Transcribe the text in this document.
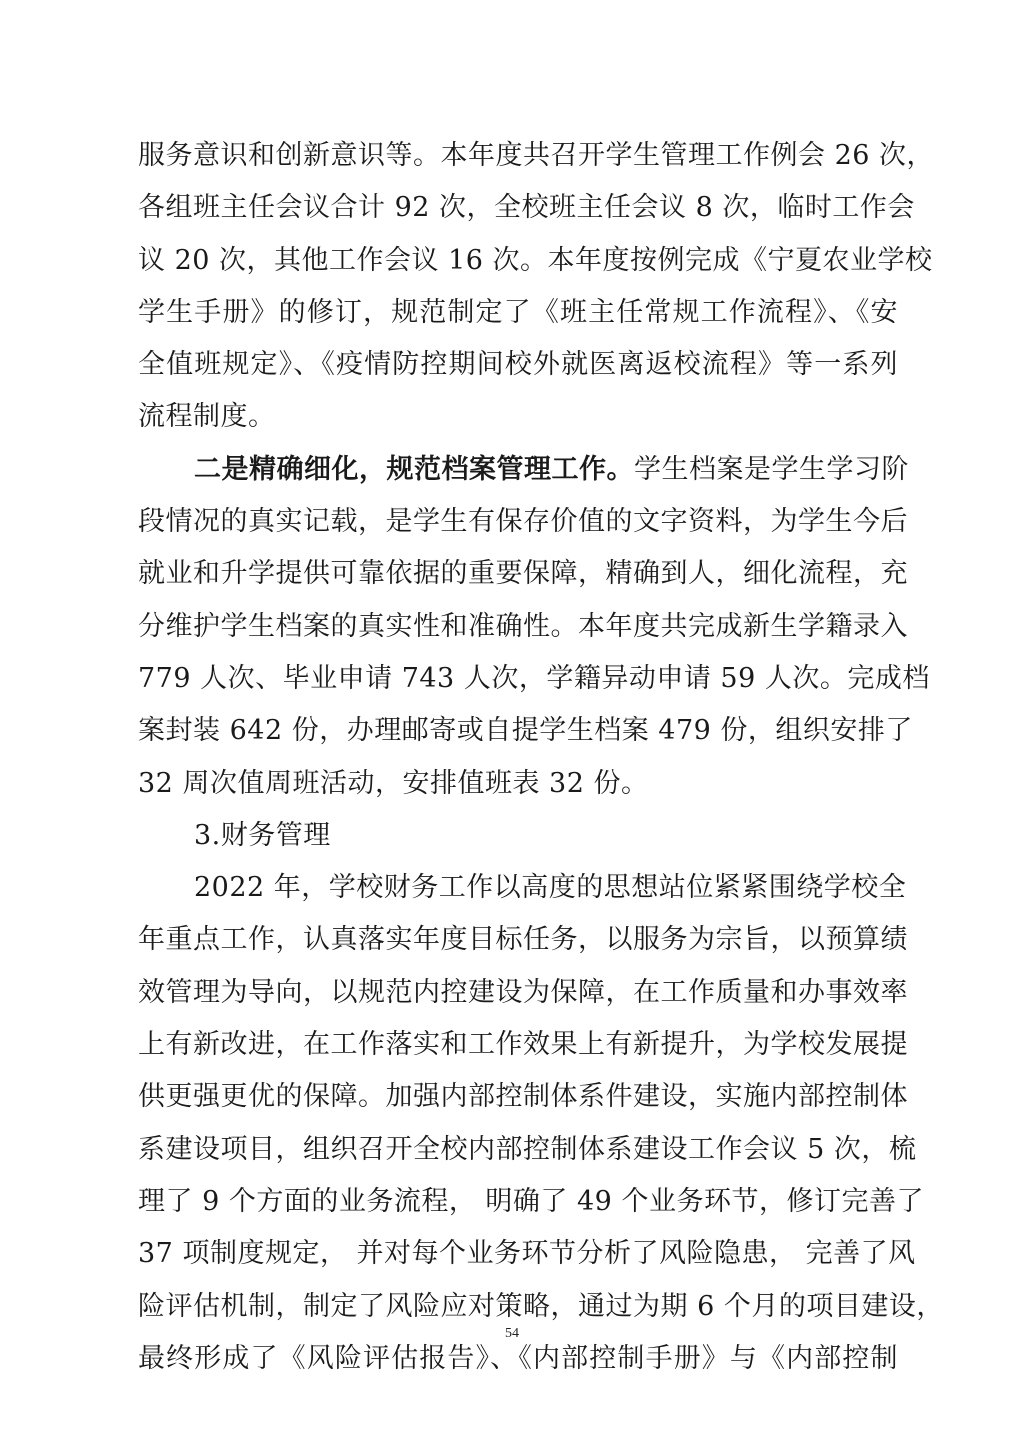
服务意识和创新意识等。本年度共召开学生管理工作例会 26 次，
各组班主任会议合计 92 次，全校班主任会议 8 次，临时工作会
议 20 次，其他工作会议 16 次。本年度按例完成《宁夏农业学校
学生手册》的修订，规范制定了《班主任常规工作流程》、《安
全值班规定》、《疫情防控期间校外就医离返校流程》等一系列
流程制度。
二是精确细化，规范档案管理工作。学生档案是学生学习阶
段情况的真实记载，是学生有保存价值的文字资料，为学生今后
就业和升学提供可靠依据的重要保障，精确到人，细化流程，充
分维护学生档案的真实性和准确性。本年度共完成新生学籍录入
779 人次、毕业申请 743 人次，学籍异动申请 59 人次。完成档
案封装 642 份，办理邮寄或自提学生档案 479 份，组织安排了
32 周次值周班活动，安排值班表 32 份。
3.财务管理
2022 年，学校财务工作以高度的思想站位紧紧围绕学校全
年重点工作，认真落实年度目标任务，以服务为宗旨，以预算绩
效管理为导向，以规范内控建设为保障，在工作质量和办事效率
上有新改进，在工作落实和工作效果上有新提升，为学校发展提
供更强更优的保障。加强内部控制体系件建设，实施内部控制体
系建设项目，组织召开全校内部控制体系建设工作会议 5 次，梳
理了 9 个方面的业务流程， 明确了 49 个业务环节，修订完善了
37 项制度规定， 并对每个业务环节分析了风险隐患， 完善了风
险评估机制，制定了风险应对策略，通过为期 6 个月的项目建设，
最终形成了《风险评估报告》、《内部控制手册》与《内部控制
54
